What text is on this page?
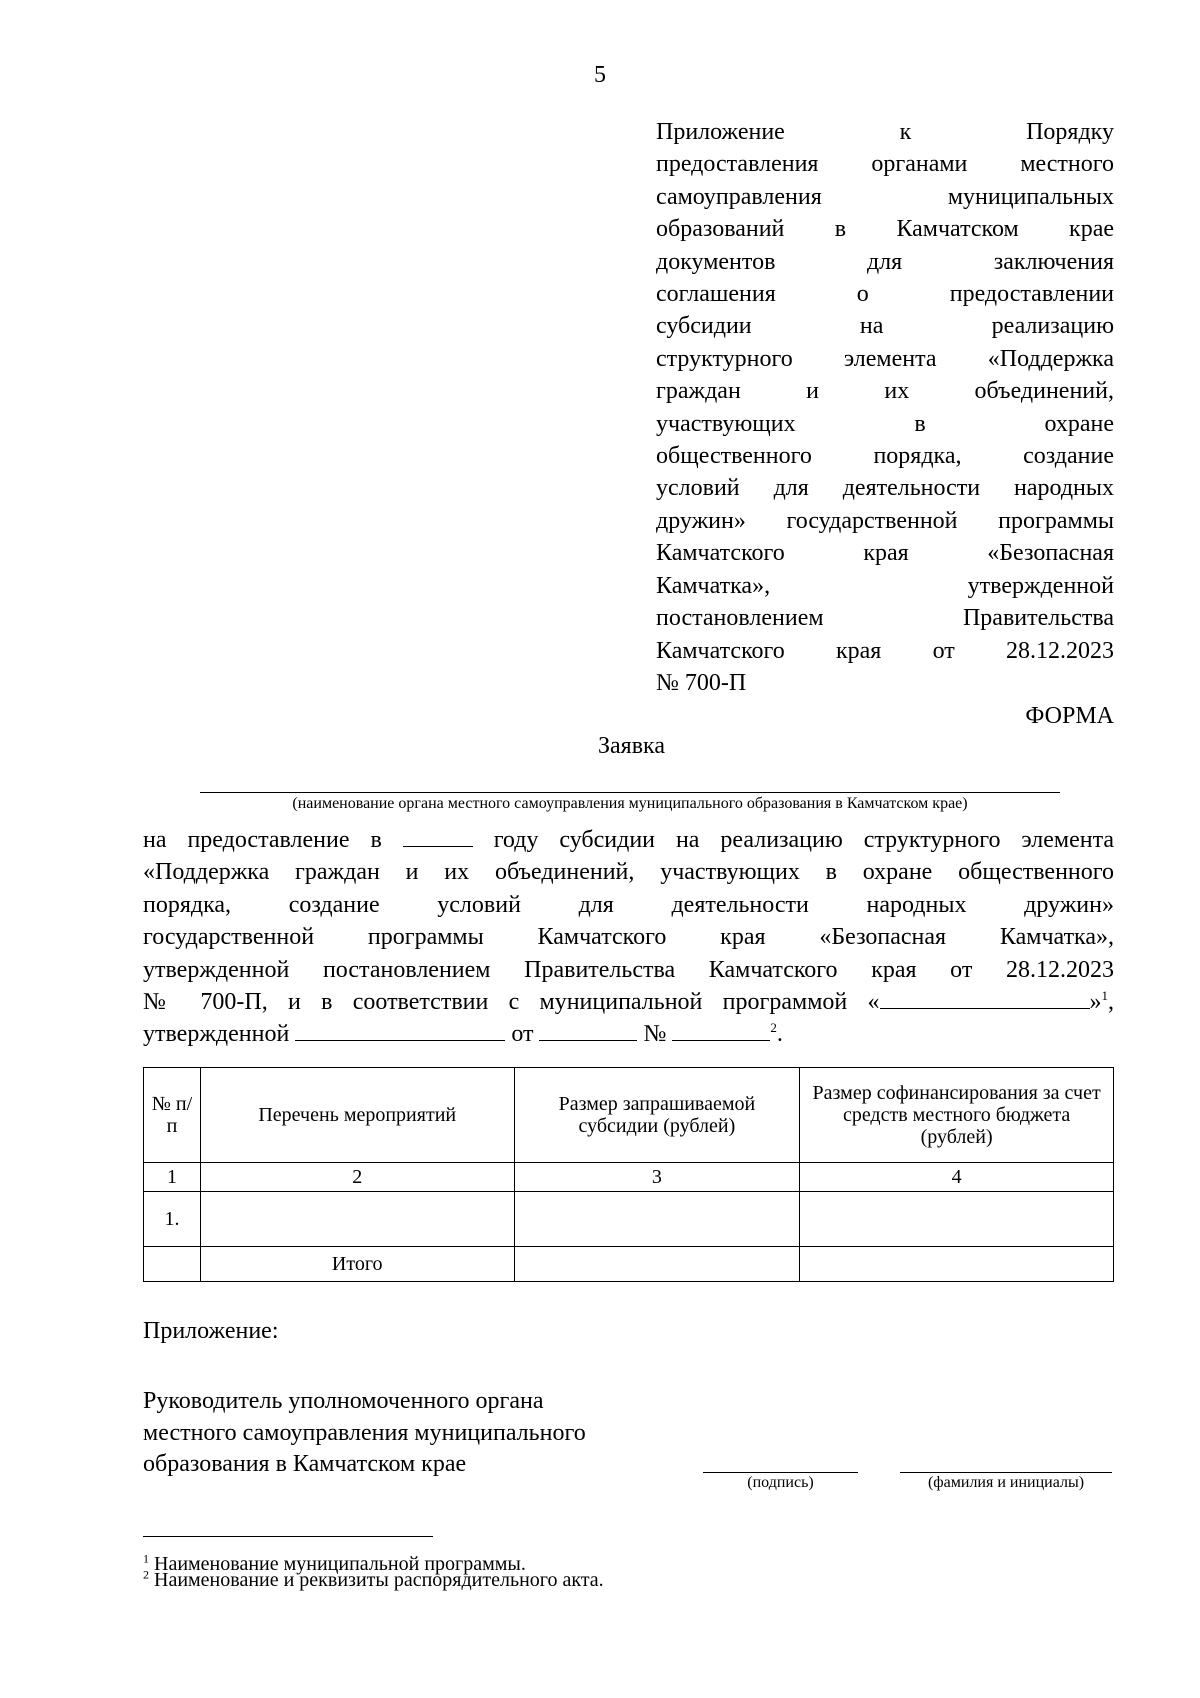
5
Приложение к Порядку
предоставления органами местного
самоуправления муниципальных
образований в Камчатском крае
документов для заключения
соглашения о предоставлении
субсидии на реализацию
структурного элемента «Поддержка
граждан и их объединений,
участвующих в охране
общественного порядка, создание
условий для деятельности народных
дружин» государственной программы
Камчатского края «Безопасная
Камчатка», утвержденной
постановлением Правительства
Камчатского края от 28.12.2023
№ 700-П
ФОРМА
Заявка
(наименование органа местного самоуправления муниципального образования в Камчатском крае)
на предоставление в	году субсидии на реализацию структурного элемента
«Поддержка граждан и их объединений, участвующих в охране общественного
порядка, создание условий для деятельности народных дружин»
государственной программы Камчатского края «Безопасная Камчатка»,
утвержденной постановлением Правительства Камчатского края от 28.12.2023
№ 700-П, и в соответствии с муниципальной программой «	»$^1$,
утвержденной	от	№	$^2$.
№ п/п	Перечень мероприятий	Размер запрашиваемой субсидии (рублей)	Размер софинансирования за счет средств местного бюджета (рублей)
1	2	3	4
1.			
	Итого		
Приложение:
Руководитель уполномоченного органа
местного самоуправления муниципального
образования в Камчатском крае
(подпись)	(фамилия и инициалы)
$^1$ Наименование муниципальной программы.
$^2$ Наименование и реквизиты распорядительного акта.
